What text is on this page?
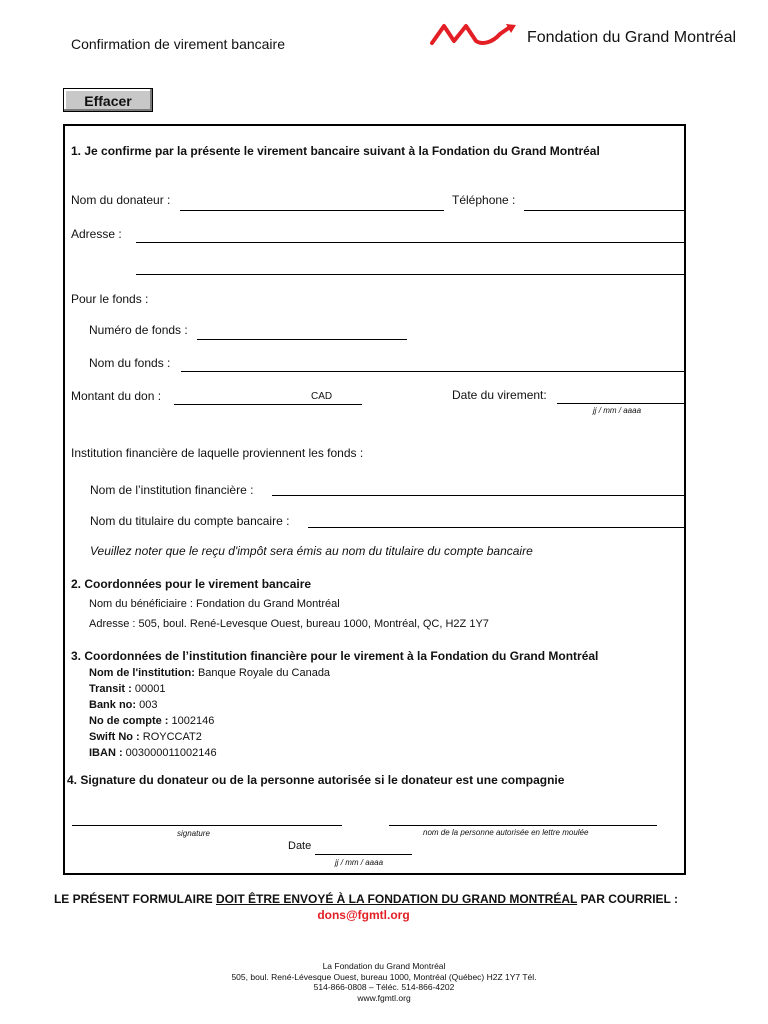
Confirmation de virement bancaire	Fondation du Grand Montréal
Effacer
1. Je confirme par la présente le virement bancaire suivant à la Fondation du Grand Montréal
Nom du donateur :	Téléphone :
Adresse :
Pour le fonds :
Numéro de fonds :
Nom du fonds :
Montant du don :	CAD	Date du virement:
jj / mm / aaaa
Institution financière de laquelle proviennent les fonds :
Nom de l’institution financière :
Nom du titulaire du compte bancaire :
Veuillez noter que le reçu d'impôt sera émis au nom du titulaire du compte bancaire
2. Coordonnées pour le virement bancaire
Nom du bénéficiaire : Fondation du Grand Montréal
Adresse : 505, boul. René-Levesque Ouest, bureau 1000, Montréal, QC, H2Z 1Y7
3. Coordonnées de l’institution financière pour le virement à la Fondation du Grand Montréal
Nom de l'institution: Banque Royale du Canada
Transit : 00001
Bank no: 003
No de compte : 1002146
Swift No : ROYCCAT2
IBAN : 003000011002146
4. Signature du donateur ou de la personne autorisée si le donateur est une compagnie
signature	nom de la personne autorisée en lettre moulée
Date
jj / mm / aaaa
LE PRÉSENT FORMULAIRE DOIT ÊTRE ENVOYÉ À LA FONDATION DU GRAND MONTRÉAL PAR COURRIEL :
dons@fgmtl.org
La Fondation du Grand Montréal
505, boul. René-Lévesque Ouest, bureau 1000, Montréal (Québec) H2Z 1Y7 Tél.
514-866-0808 – Téléc. 514-866-4202
www.fgmtl.org
